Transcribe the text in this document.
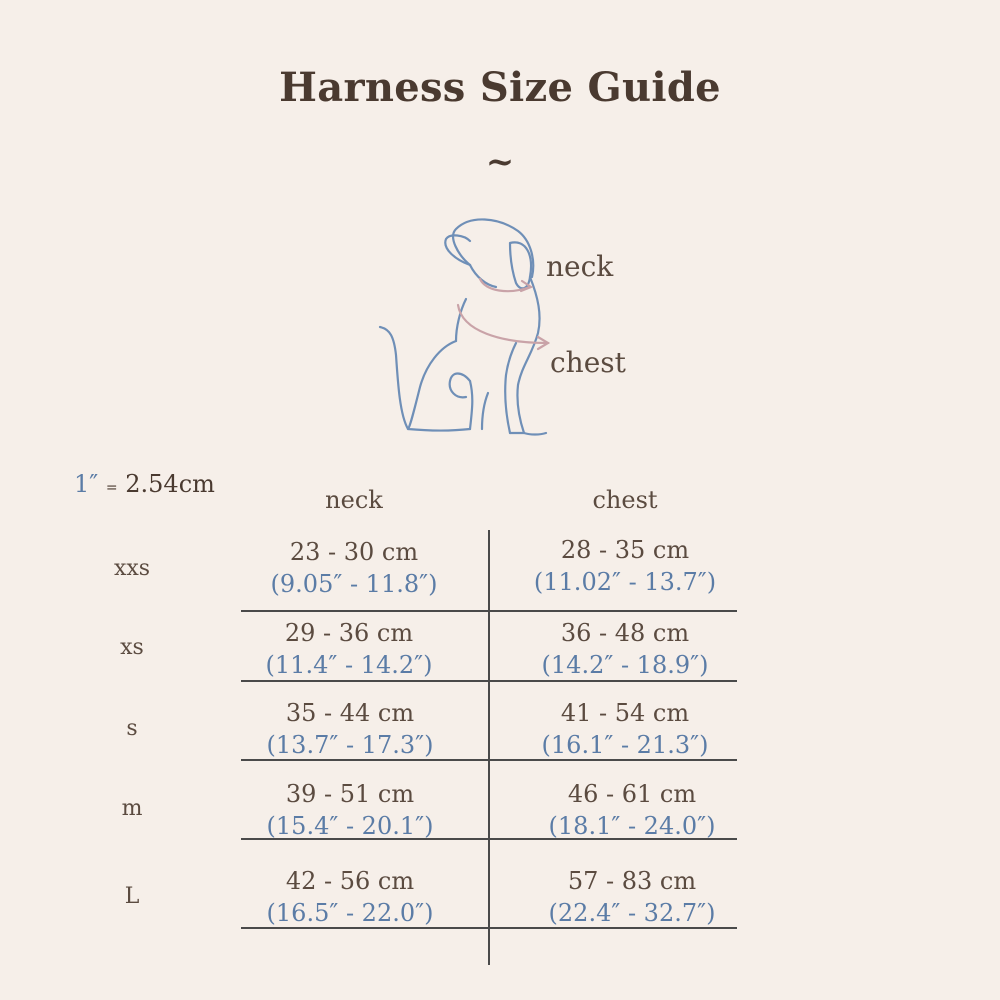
Harness Size Guide
~
neck
chest
1″ = 2.54cm
neck	chest
xxs
23 - 30 cm
(9.05″ - 11.8″)
28 - 35 cm
(11.02″ - 13.7″)
xs
29 - 36 cm
(11.4″ - 14.2″)
36 - 48 cm
(14.2″ - 18.9″)
s
35 - 44 cm
(13.7″ - 17.3″)
41 - 54 cm
(16.1″ - 21.3″)
m
39 - 51 cm
(15.4″ - 20.1″)
46 - 61 cm
(18.1″ - 24.0″)
L
42 - 56 cm
(16.5″ - 22.0″)
57 - 83 cm
(22.4″ - 32.7″)
